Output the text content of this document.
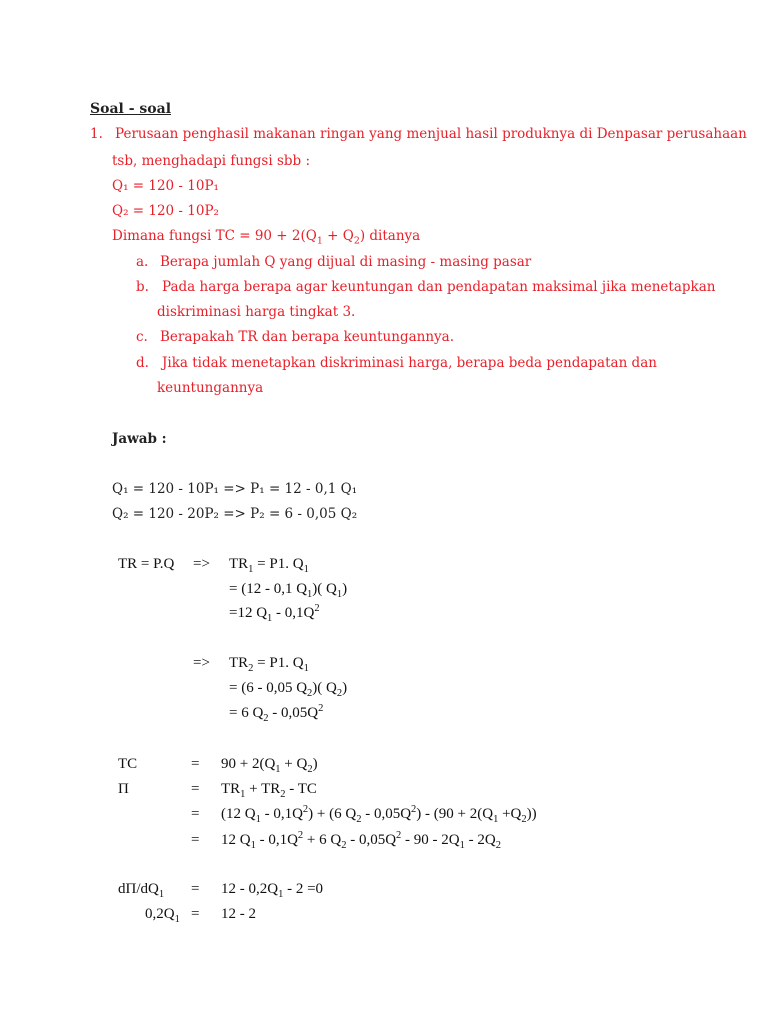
Soal - soal
1. Perusaan penghasil makanan ringan yang menjual hasil produknya di Denpasar perusahaan
tsb, menghadapi fungsi sbb :
Q₁ = 120 - 10P₁
Q₂ = 120 - 10P₂
Dimana fungsi TC = $90 + 2(Q_1 + Q_2)$ ditanya
a. Berapa jumlah Q yang dijual di masing - masing pasar
b. Pada harga berapa agar keuntungan dan pendapatan maksimal jika menetapkan
diskriminasi harga tingkat 3.
c. Berapakah TR dan berapa keuntungannya.
d. Jika tidak menetapkan diskriminasi harga, berapa beda pendapatan dan
keuntungannya
Jawab :
Q₁ = 120 - 10P₁ => P₁ = 12 - 0,1 Q₁
Q₂ = 120 - 20P₂ => P₂ = 6 - 0,05 Q₂
TR = $P.Q => TR_1 = P1$. $Q_1$
= (12 - 0,1 $Q_1$)( $Q_1$)
=12 $Q_1 - 0,1Q^2$
=> $TR_2 = P1$. $Q_1$
= (6 - 0,05 $Q_2$)( $Q_2$)
= 6 $Q_2 - 0,05Q^2$
TC	= $90 + 2(Q_1 + Q_2)$
Π	= $TR_1 + TR_2$ - TC
= (12 $Q_1 - 0,1Q^2) + (6$ $Q_2 - 0,05Q^2) - (90 + 2(Q_1 +Q_2))$
= 12 $Q_1 - 0,1Q^2 + 6$ $Q_2 - 0,05Q^2 - 90 - 2Q_1 - 2Q_2$
$d\Pi/dQ_1 = 12 - 0,2Q_1 - 2 =0$
$0,2Q_1 = 12 - 2$
